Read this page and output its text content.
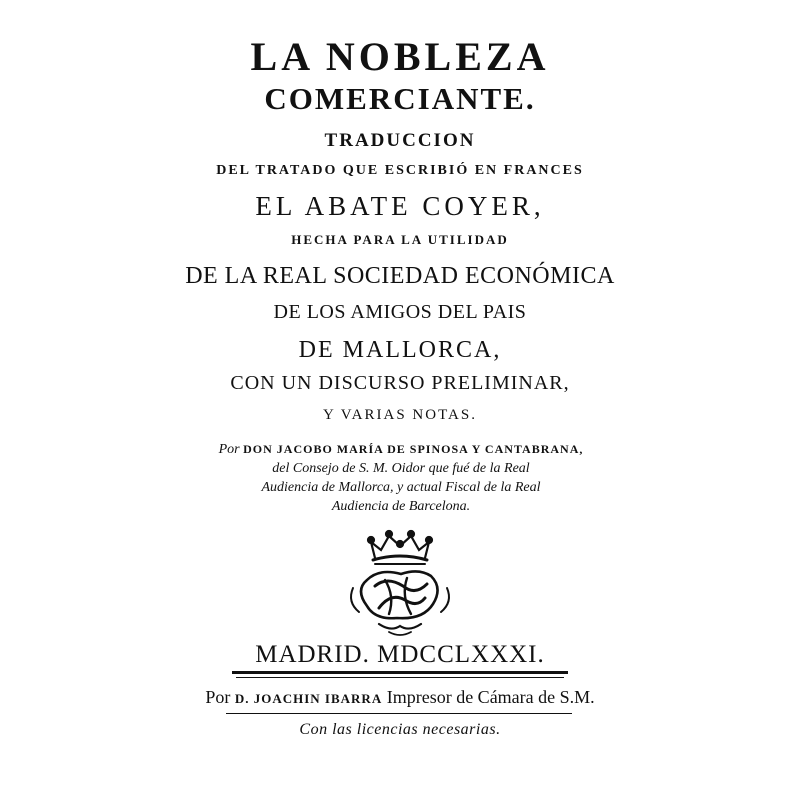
LA NOBLEZA
COMERCIANTE.
TRADUCCION
DEL TRATADO QUE ESCRIBIÓ EN FRANCES
EL ABATE COYER,
HECHA PARA LA UTILIDAD
DE LA REAL SOCIEDAD ECONÓMICA
DE LOS AMIGOS DEL PAIS
DE MALLORCA,
CON UN DISCURSO PRELIMINAR,
Y VARIAS NOTAS.
Por DON JACOBO MARÍA DE SPINOSA Y CANTABRANA,
del Consejo de S. M. Oidor que fué de la Real
Audiencia de Mallorca, y actual Fiscal de la Real
Audiencia de Barcelona.
MADRID. MDCCLXXXI.
Por D. JOACHIN IBARRA Impresor de Cámara de S.M.
Con las licencias necesarias.
